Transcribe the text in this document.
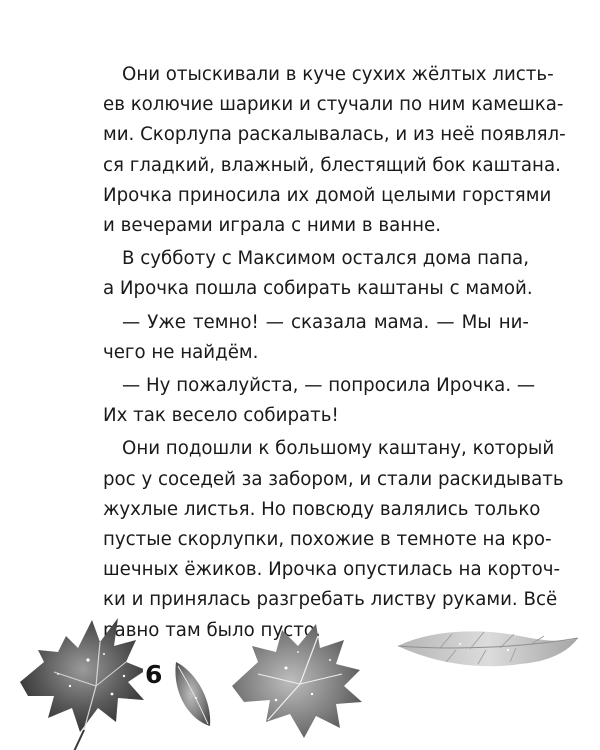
Они отыскивали в куче сухих жёлтых листь-
ев колючие шарики и стучали по ним камешка-
ми. Скорлупа раскалывалась, и из неё появлял-
ся гладкий, влажный, блестящий бок каштана.
Ирочка приносила их домой целыми горстями
и вечерами играла с ними в ванне.

В субботу с Максимом остался дома папа,
а Ирочка пошла собирать каштаны с мамой.

— Уже темно! — сказала мама. — Мы ни-
чего не найдём.

— Ну пожалуйста, — попросила Ирочка. —
Их так весело собирать!

Они подошли к большому каштану, который
рос у соседей за забором, и стали раскидывать
жухлые листья. Но повсюду валялись только
пустые скорлупки, похожие в темноте на кро-
шечных ёжиков. Ирочка опустилась на корточ-
ки и принялась разгребать листву руками. Всё
равно там было пусто.

6
